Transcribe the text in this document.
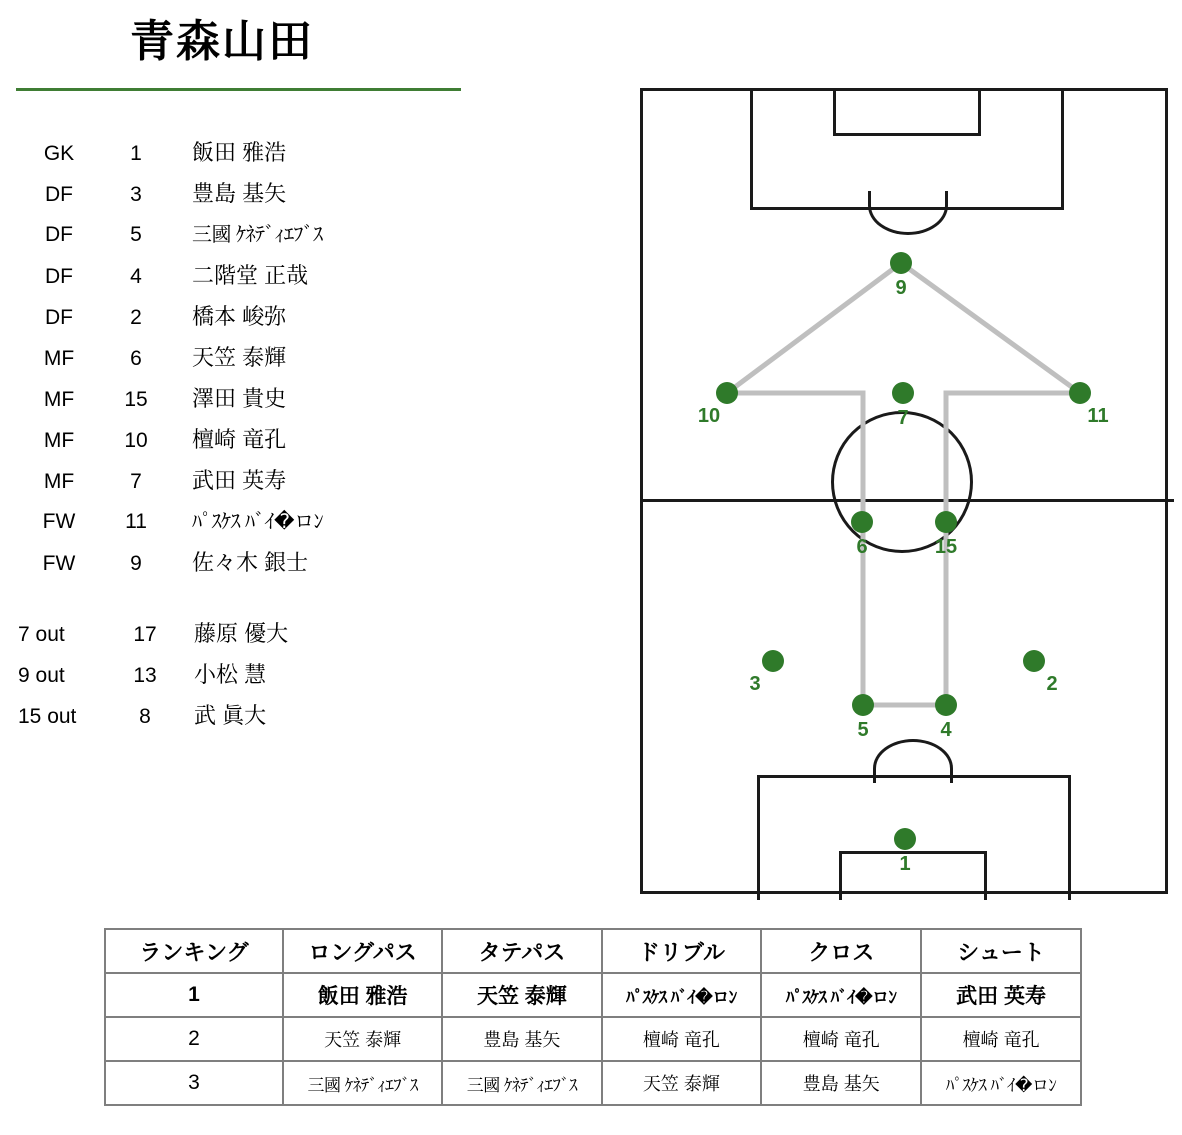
青森山田
GK	1	飯田 雅浩
DF	3	豊島 基矢
DF	5	三國 ｹﾈﾃﾞｨｴﾌﾞｽ
DF	4	二階堂 正哉
DF	2	橋本 峻弥
MF	6	天笠 泰輝
MF	15	澤田 貴史
MF	10	檀崎 竜孔
MF	7	武田 英寿
FW	11	ﾊﾟｽｹｽ ﾊﾞｲ�ロﾝ
FW	9	佐々木 銀士
7 out	17	藤原 優大
9 out	13	小松 慧
15 out	8	武 眞大
9
10	7	11
6	15
3	2
5	4
1
ランキング	ロングパス	タテパス	ドリブル	クロス	シュート
1	飯田 雅浩	天笠 泰輝	ﾊﾟｽｹｽ ﾊﾞｲ�ロﾝ	ﾊﾟｽｹｽ ﾊﾞｲ�ロﾝ	武田 英寿
2	天笠 泰輝	豊島 基矢	檀崎 竜孔	檀崎 竜孔	檀崎 竜孔
3	三國 ｹﾈﾃﾞｨｴﾌﾞｽ	三國 ｹﾈﾃﾞｨｴﾌﾞｽ	天笠 泰輝	豊島 基矢	ﾊﾟｽｹｽ ﾊﾞｲ�ロﾝ
